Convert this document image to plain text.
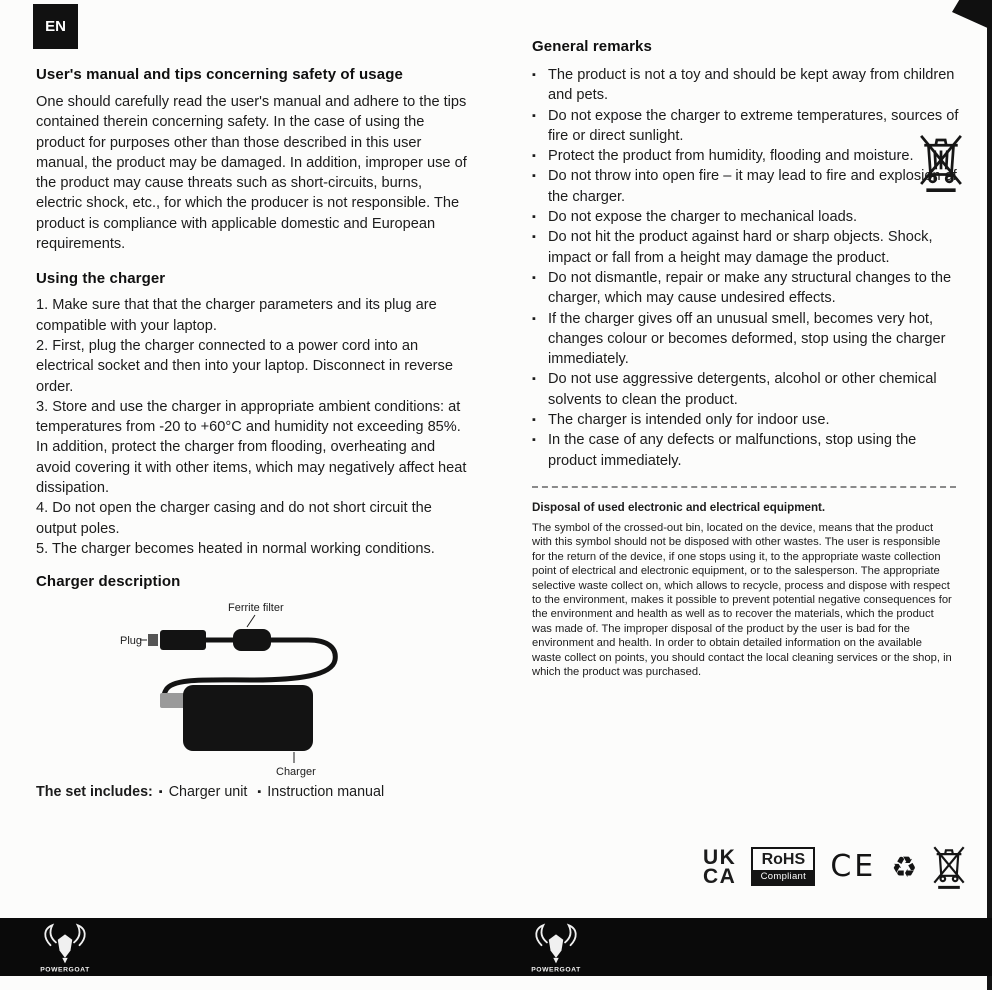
EN
User's manual and tips concerning safety of usage

One should carefully read the user's manual and adhere to the tips contained therein concerning safety. In the case of using the product for purposes other than those described in this user manual, the product may be damaged. In addition, improper use of the product may cause threats such as short-circuits, burns, electric shock, etc., for which the producer is not responsible. The product is compliance with applicable domestic and European requirements.

Using the charger
1. Make sure that that the charger parameters and its plug are compatible with your laptop.
2. First, plug the charger connected to a power cord into an electrical socket and then into your laptop. Disconnect in reverse order.
3. Store and use the charger in appropriate ambient conditions: at temperatures from -20 to +60°C and humidity not exceeding 85%. In addition, protect the charger from flooding, overheating and avoid covering it with other items, which may negatively affect heat dissipation.
4. Do not open the charger casing and do not short circuit the output poles.
5. The charger becomes heated in normal working conditions.
Charger description
Ferrite filter
Plug
Charger
The set includes: ▪ Charger unit ▪ Instruction manual
General remarks
▪ The product is not a toy and should be kept away from children and pets.
▪ Do not expose the charger to extreme temperatures, sources of fire or direct sunlight.
▪ Protect the product from humidity, flooding and moisture.
▪ Do not throw into open fire – it may lead to fire and explosion of the charger.
▪ Do not expose the charger to mechanical loads.
▪ Do not hit the product against hard or sharp objects. Shock, impact or fall from a height may damage the product.
▪ Do not dismantle, repair or make any structural changes to the charger, which may cause undesired effects.
▪ If the charger gives off an unusual smell, becomes very hot, changes colour or becomes deformed, stop using the charger immediately.
▪ Do not use aggressive detergents, alcohol or other chemical solvents to clean the product.
▪ The charger is intended only for indoor use.
▪ In the case of any defects or malfunctions, stop using the product immediately.
Disposal of used electronic and electrical equipment.
The symbol of the crossed-out bin, located on the device, means that the product with this symbol should not be disposed with other wastes. The user is responsible for the return of the device, if one stops using it, to the appropriate waste collection point of electrical and electronic equipment, or to the salesperson. The appropriate selective waste collect on, which allows to recycle, process and dispose with respect to the environment, makes it possible to prevent potential negative consequences for the environment and health as well as to recover the materials, which the product was made of. The improper disposal of the product by the user is bad for the environment and health. In order to obtain detailed information on the available waste collect on points, you should contact the local cleaning services or the shop, in which the product was purchased.
UK
CA
RoHS
Compliant CE ♻
POWERGOAT	POWERGOAT
